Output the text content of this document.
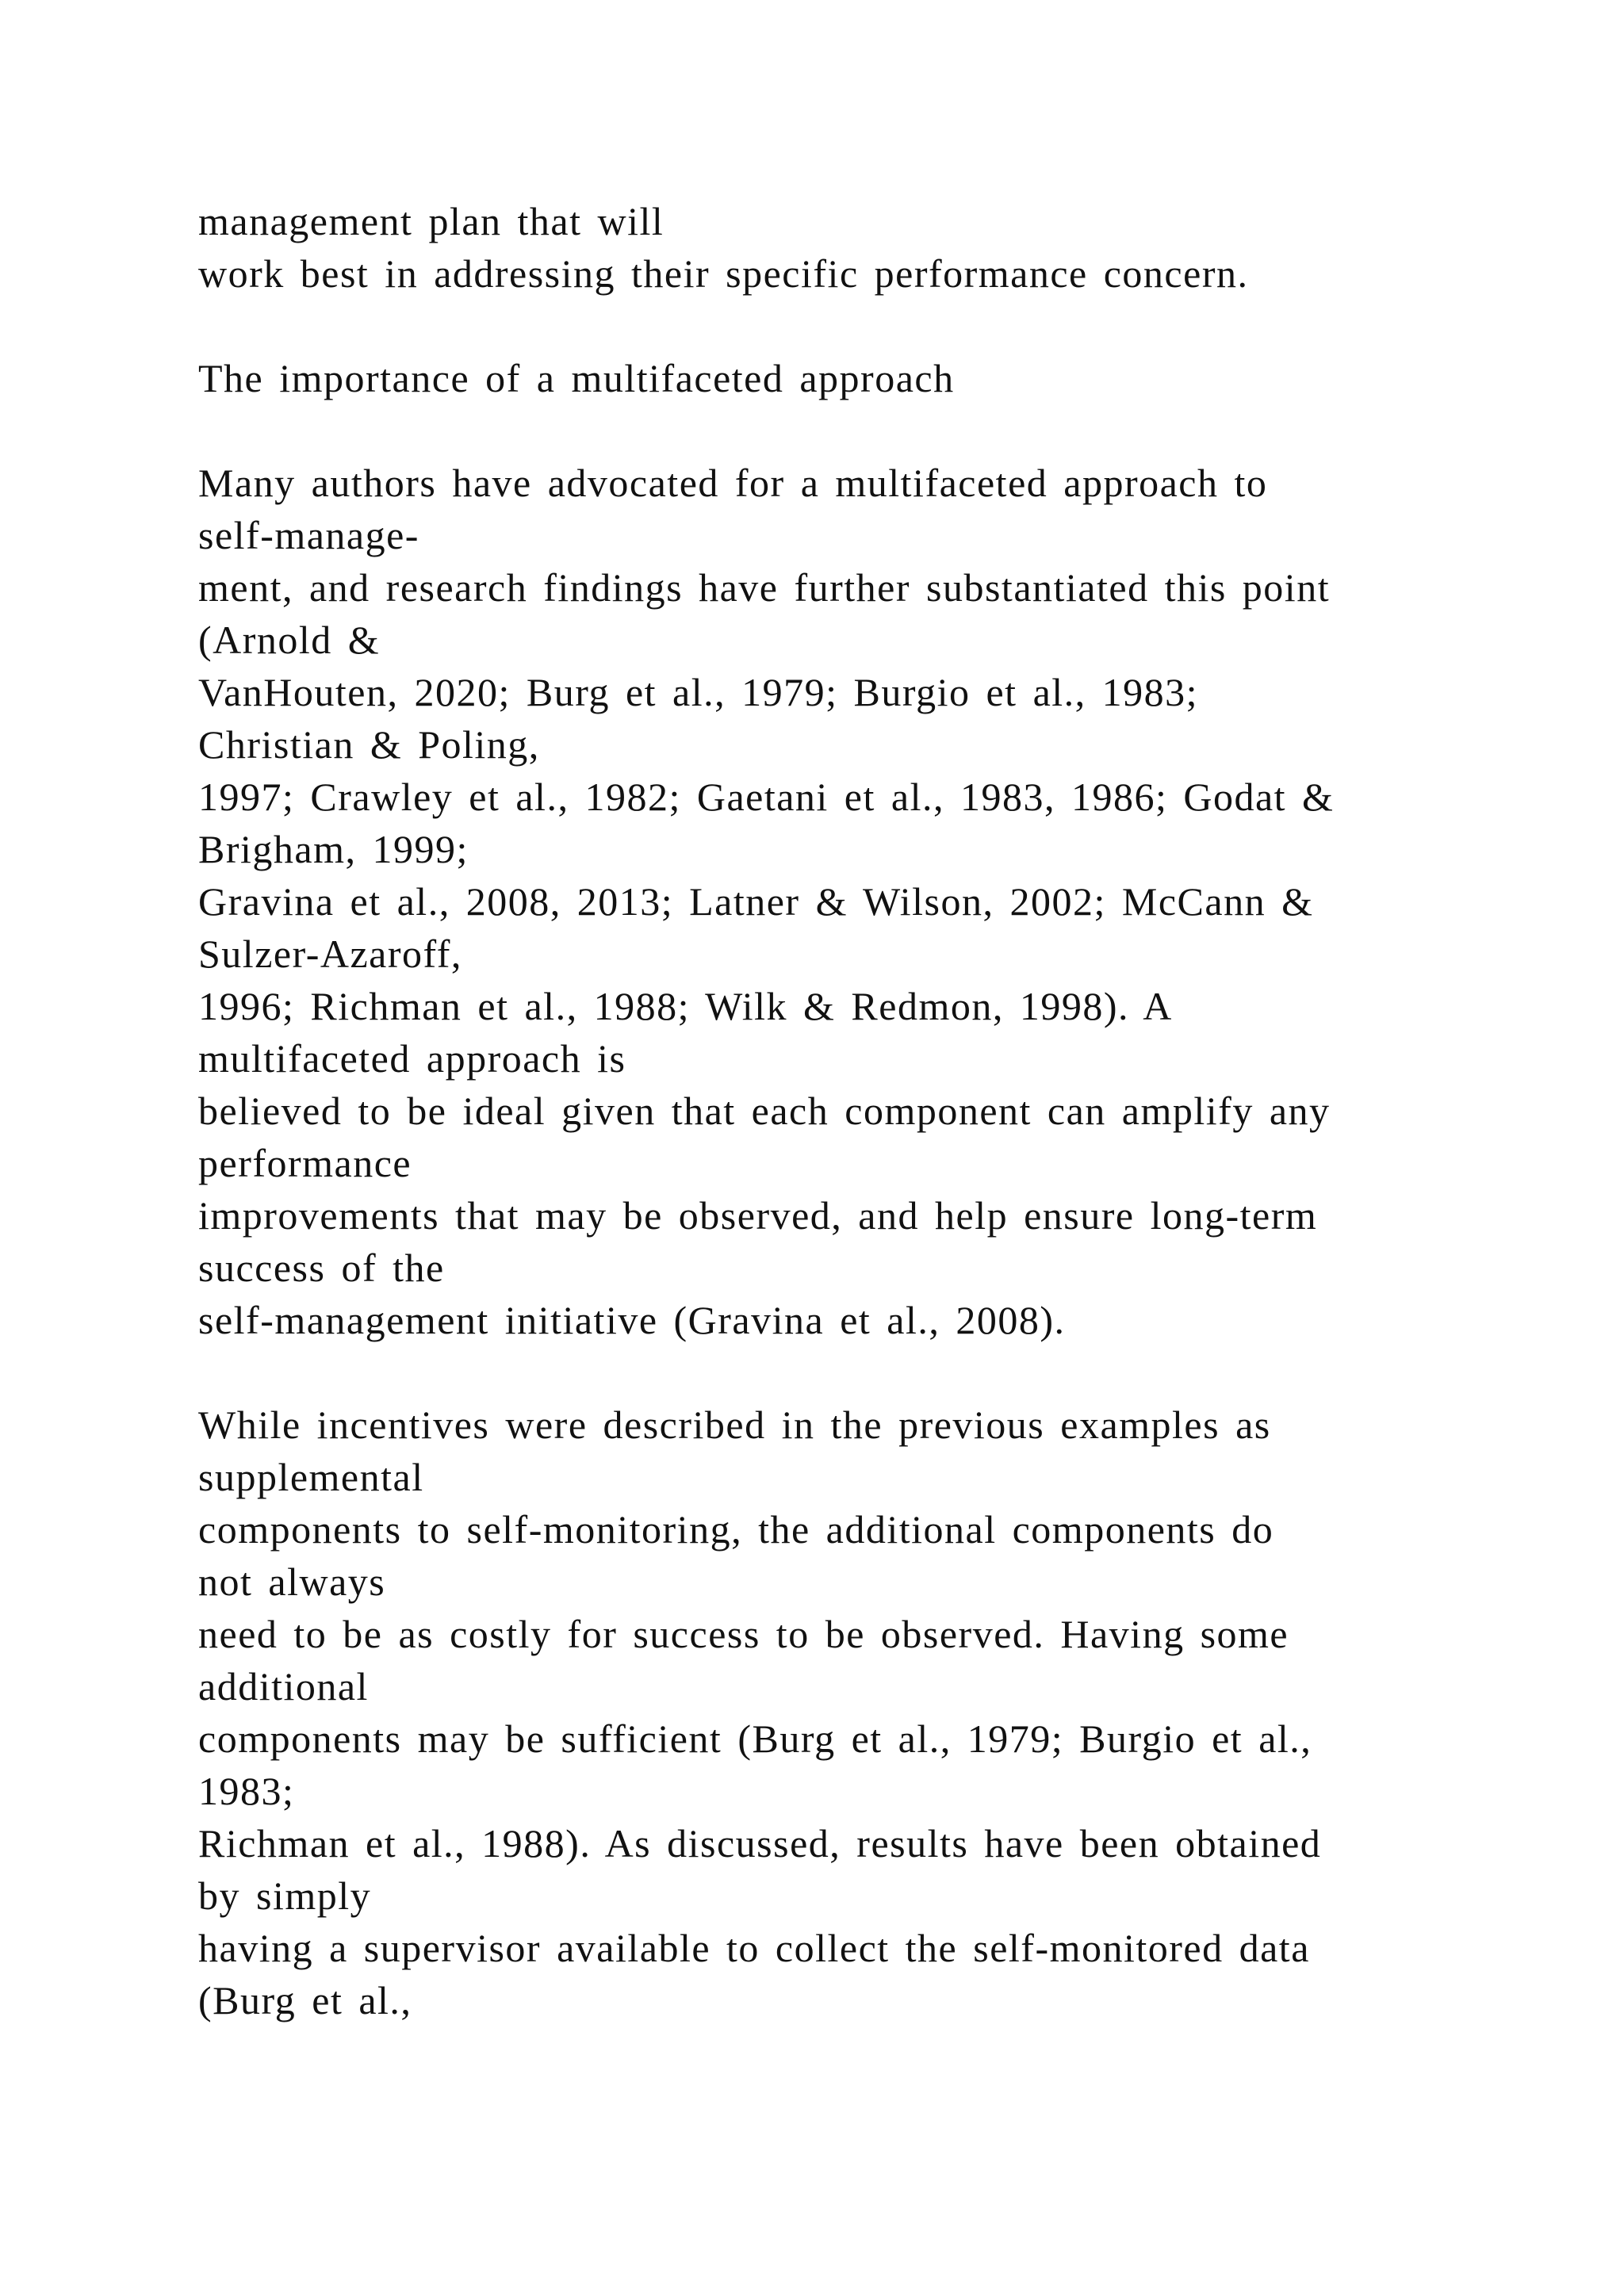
management plan that will
work best in addressing their specific performance concern.
The importance of a multifaceted approach
Many authors have advocated for a multifaceted approach to
self-manage-
ment, and research findings have further substantiated this point
(Arnold &
VanHouten, 2020; Burg et al., 1979; Burgio et al., 1983;
Christian & Poling,
1997; Crawley et al., 1982; Gaetani et al., 1983, 1986; Godat &
Brigham, 1999;
Gravina et al., 2008, 2013; Latner & Wilson, 2002; McCann &
Sulzer-Azaroff,
1996; Richman et al., 1988; Wilk & Redmon, 1998). A
multifaceted approach is
believed to be ideal given that each component can amplify any
performance
improvements that may be observed, and help ensure long-term
success of the
self-management initiative (Gravina et al., 2008).
While incentives were described in the previous examples as
supplemental
components to self-monitoring, the additional components do
not always
need to be as costly for success to be observed. Having some
additional
components may be sufficient (Burg et al., 1979; Burgio et al.,
1983;
Richman et al., 1988). As discussed, results have been obtained
by simply
having a supervisor available to collect the self-monitored data
(Burg et al.,
